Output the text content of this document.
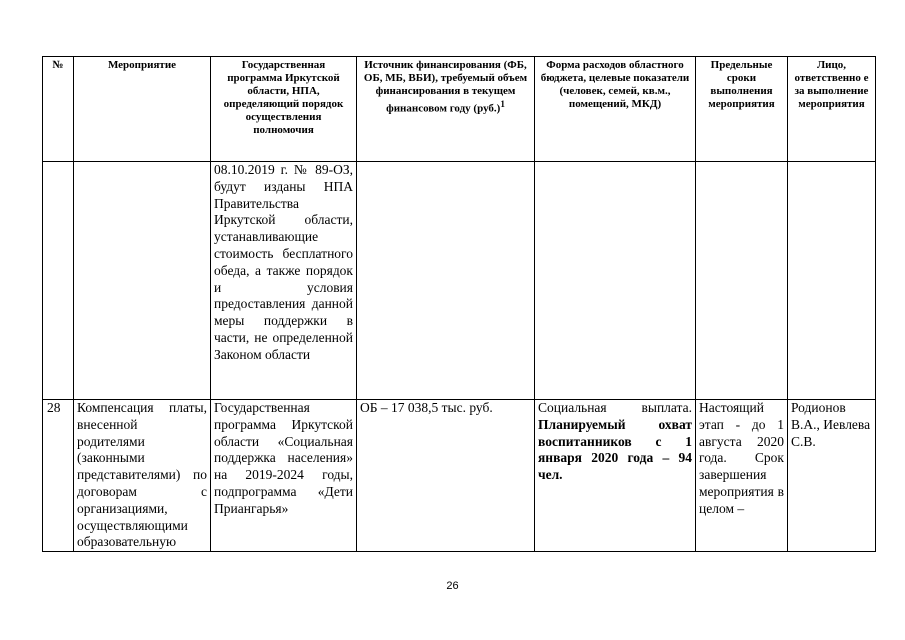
№	Мероприятие	Государственная программа Иркутской области, НПА, определяющий порядок осуществления полномочия	Источник финансирования (ФБ, ОБ, МБ, ВБИ), требуемый объем финансирования в текущем финансовом году $(руб.)^1$	Форма расходов областного бюджета, целевые показатели (человек, семей, кв.м., помещений, МКД)	Предельные сроки выполнения мероприятия	Лицо, ответственно е за выполнение мероприятия
		08.10.2019 г. № 89-ОЗ, будут изданы НПА Правительства Иркутской области, устанавливающие стоимость бесплатного обеда, а также порядок и условия предоставления данной меры поддержки в части, не определенной Законом области				
28	Компенсация платы, внесенной родителями (законными представителями) по договорам с организациями, осуществляющими образовательную	Государственная программа Иркутской области «Социальная поддержка населения» на 2019-2024 годы, подпрограмма «Дети Приангарья»	ОБ – 17 038,5 тыс. руб.	Социальная выплата. Планируемый охват воспитанников с 1 января 2020 года – 94 чел.	Настоящий этап - до 1 августа 2020 года. Срок завершения мероприятия в целом –	Родионов В.А., Иевлева С.В.
26
